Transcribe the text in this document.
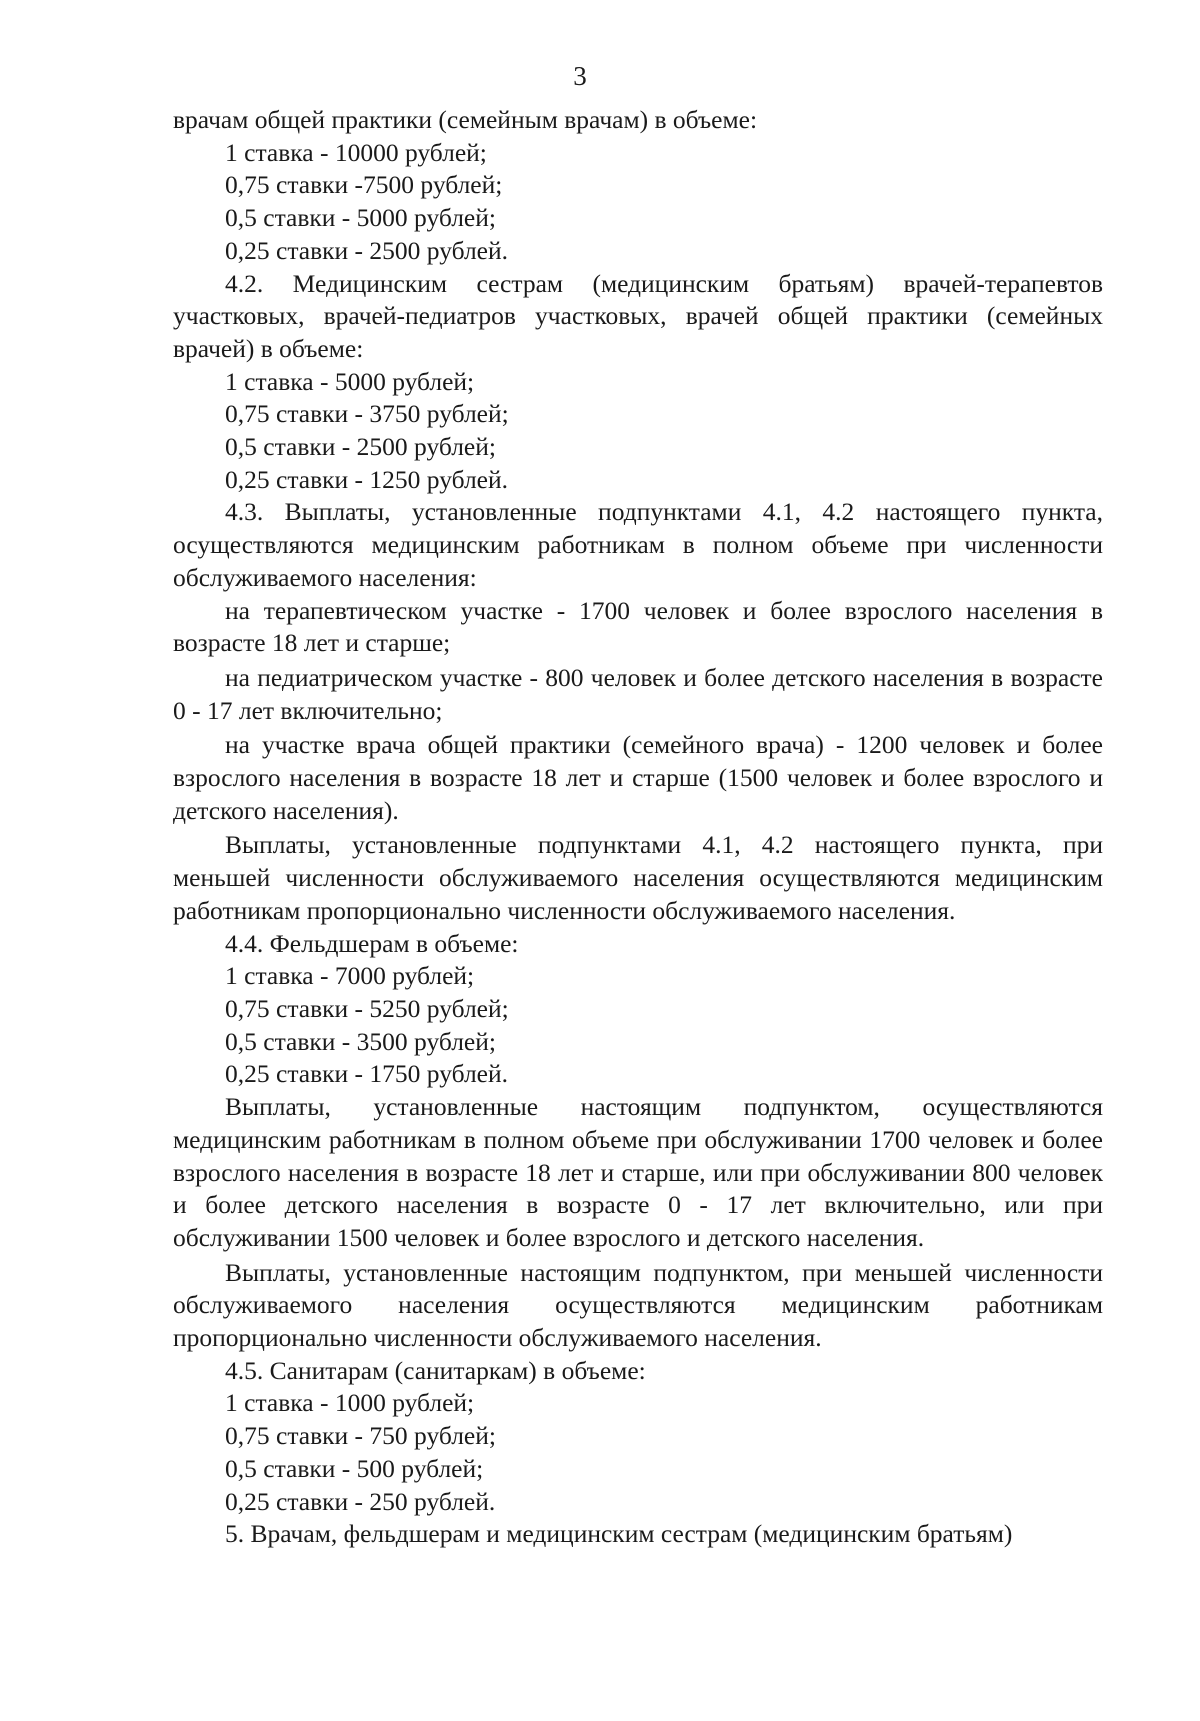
3

врачам общей практики (семейным врачам) в объеме:

1 ставка - 10000 рублей;

0,75 ставки -7500 рублей;

0,5 ставки - 5000 рублей;

0,25 ставки - 2500 рублей.

4.2. Медицинским сестрам (медицинским братьям) врачей-терапевтов участковых, врачей-педиатров участковых, врачей общей практики (семейных врачей) в объеме:

1 ставка - 5000 рублей;

0,75 ставки - 3750 рублей;

0,5 ставки - 2500 рублей;

0,25 ставки - 1250 рублей.

4.3. Выплаты, установленные подпунктами 4.1, 4.2 настоящего пункта, осуществляются медицинским работникам в полном объеме при численности обслуживаемого населения:

на терапевтическом участке - 1700 человек и более взрослого населения в возрасте 18 лет и старше;

на педиатрическом участке - 800 человек и более детского населения в возрасте 0 - 17 лет включительно;

на участке врача общей практики (семейного врача) - 1200 человек и более взрослого населения в возрасте 18 лет и старше (1500 человек и более взрослого и детского населения).

Выплаты, установленные подпунктами 4.1, 4.2 настоящего пункта, при меньшей численности обслуживаемого населения осуществляются медицинским работникам пропорционально численности обслуживаемого населения.

4.4. Фельдшерам в объеме:

1 ставка - 7000 рублей;

0,75 ставки - 5250 рублей;

0,5 ставки - 3500 рублей;

0,25 ставки - 1750 рублей.

Выплаты, установленные настоящим подпунктом, осуществляются медицинским работникам в полном объеме при обслуживании 1700 человек и более взрослого населения в возрасте 18 лет и старше, или при обслуживании 800 человек и более детского населения в возрасте 0 - 17 лет включительно, или при обслуживании 1500 человек и более взрослого и детского населения.

Выплаты, установленные настоящим подпунктом, при меньшей численности обслуживаемого населения осуществляются медицинским работникам пропорционально численности обслуживаемого населения.

4.5. Санитарам (санитаркам) в объеме:

1 ставка - 1000 рублей;

0,75 ставки - 750 рублей;

0,5 ставки - 500 рублей;

0,25 ставки - 250 рублей.

5. Врачам, фельдшерам и медицинским сестрам (медицинским братьям)
